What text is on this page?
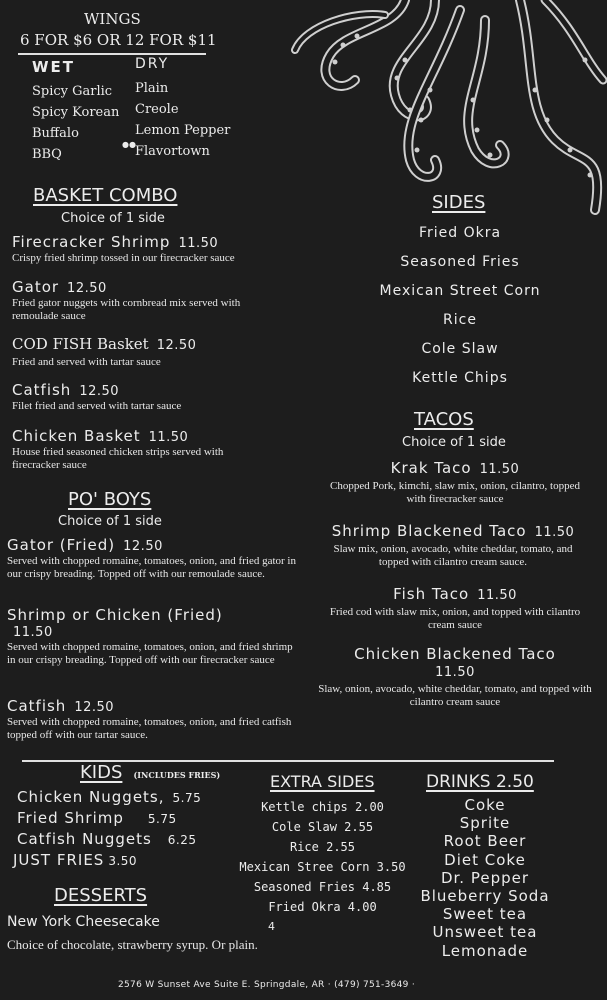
WINGS
6 FOR $6 OR 12 FOR $11
WET	DRY
Spicy Garlic
Spicy Korean
Buffalo
BBQ
Plain
Creole
Lemon Pepper
Flavortown
●●
BASKET COMBO
Choice of 1 side
Firecracker Shrimp 11.50
Crispy fried shrimp tossed in our firecracker sauce
Gator 12.50
Fried gator nuggets with cornbread mix served with remoulade sauce
COD FISH Basket 12.50
Fried and served with tartar sauce
Catfish 12.50
Filet fried and served with tartar sauce
Chicken Basket 11.50
House fried seasoned chicken strips served with firecracker sauce
PO' BOYS
Choice of 1 side
Gator (Fried) 12.50
Served with chopped romaine, tomatoes, onion, and fried gator in our crispy breading. Topped off with our remoulade sauce.
Shrimp or Chicken (Fried)
11.50
Served with chopped romaine, tomatoes, onion, and fried shrimp in our crispy breading. Topped off with our firecracker sauce
Catfish 12.50
Served with chopped romaine, tomatoes, onion, and fried catfish topped off with our tartar sauce.
SIDES
Fried Okra
Seasoned Fries
Mexican Street Corn
Rice
Cole Slaw
Kettle Chips
TACOS
Choice of 1 side
Krak Taco 11.50
Chopped Pork, kimchi, slaw mix, onion, cilantro, topped with firecracker sauce
Shrimp Blackened Taco 11.50
Slaw mix, onion, avocado, white cheddar, tomato, and topped with cilantro cream sauce.
Fish Taco 11.50
Fried cod with slaw mix, onion, and topped with cilantro cream sauce
Chicken Blackened Taco
11.50
Slaw, onion, avocado, white cheddar, tomato, and topped with cilantro cream sauce
KIDS (INCLUDES FRIES)
Chicken Nuggets, 5.75
Fried Shrimp 5.75
Catfish Nuggets 6.25
JUST FRIES 3.50
EXTRA SIDES
Kettle chips 2.00
Cole Slaw 2.55
Rice 2.55
Mexican Stree Corn 3.50
Seasoned Fries 4.85
Fried Okra 4.00
DRINKS 2.50
Coke
Sprite
Root Beer
Diet Coke
Dr. Pepper
Blueberry Soda
Sweet tea
Unsweet tea
Lemonade
DESSERTS
New York Cheesecake	4
Choice of chocolate, strawberry syrup. Or plain.
2576 W Sunset Ave Suite E. Springdale, AR · (479) 751-3649 ·
